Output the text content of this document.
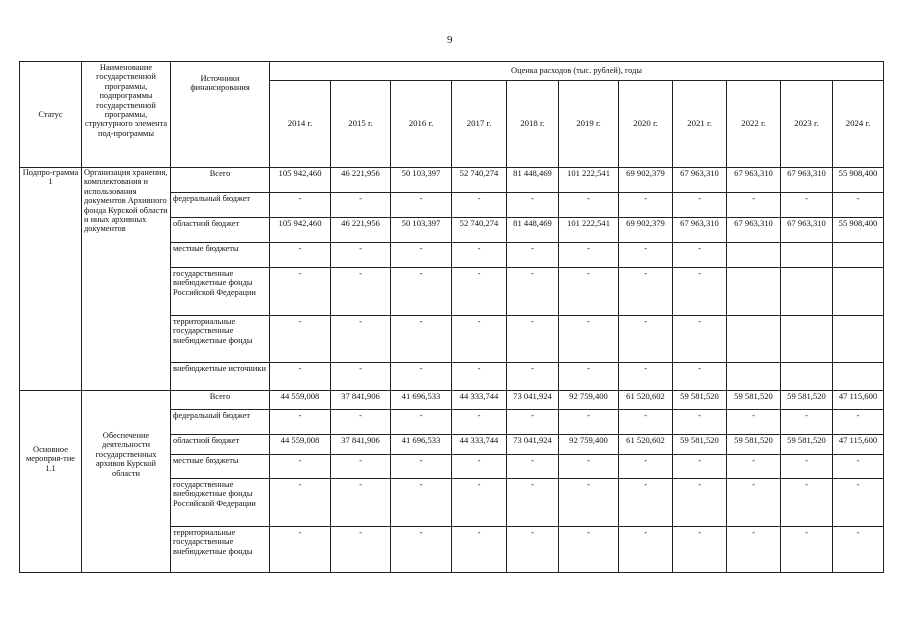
9
Статус	Наименование государственной программы, подпрограммы государственной программы, структурного элемента под-программы	Источники финансирования	Оценка расходов (тыс. рублей), годы										
			2014 г.	2015 г.	2016 г.	2017 г.	2018 г.	2019 г.	2020 г.	2021 г.	2022 г.	2023 г.	2024 г.
Подпро-грамма 1	Организация хранения, комплектования и использования документов Архивного фонда Курской области и иных архивных документов	Всего	105 942,460	46 221,956	50 103,397	52 740,274	81 448,469	101 222,541	69 902,379	67 963,310	67 963,310	67 963,310	55 908,400
		федеральный бюджет	-	-	-	-	-	-	-	-	-	-	-
		областной бюджет	105 942,460	46 221,956	50 103,397	52 740,274	81 448,469	101 222,541	69 902,379	67 963,310	67 963,310	67 963,310	55 908,400
		местные бюджеты	-	-	-	-	-	-	-	-			
		государственные внебюджетные фонды Российской Федерации	-	-	-	-	-	-	-	-			
		территориальные государственные внебюджетные фонды	-	-	-	-	-	-	-	-			
		внебюджетные источники	-	-	-	-	-	-	-	-			
Основное мероприя-тие 1.1	Обеспечение деятельности государственных архивов Курской области	Всего	44 559,008	37 841,906	41 696,533	44 333,744	73 041,924	92 759,400	61 520,602	59 581,520	59 581,520	59 581,520	47 115,600
		федеральный бюджет	-	-	-	-	-	-	-	-	-	-	-
		областной бюджет	44 559,008	37 841,906	41 696,533	44 333,744	73 041,924	92 759,400	61 520,602	59 581,520	59 581,520	59 581,520	47 115,600
		местные бюджеты	-	-	-	-	-	-	-	-	-	-	-
		государственные внебюджетные фонды Российской Федерации	-	-	-	-	-	-	-	-	-	-	-
		территориальные государственные внебюджетные фонды	-	-	-	-	-	-	-	-	-	-	-
